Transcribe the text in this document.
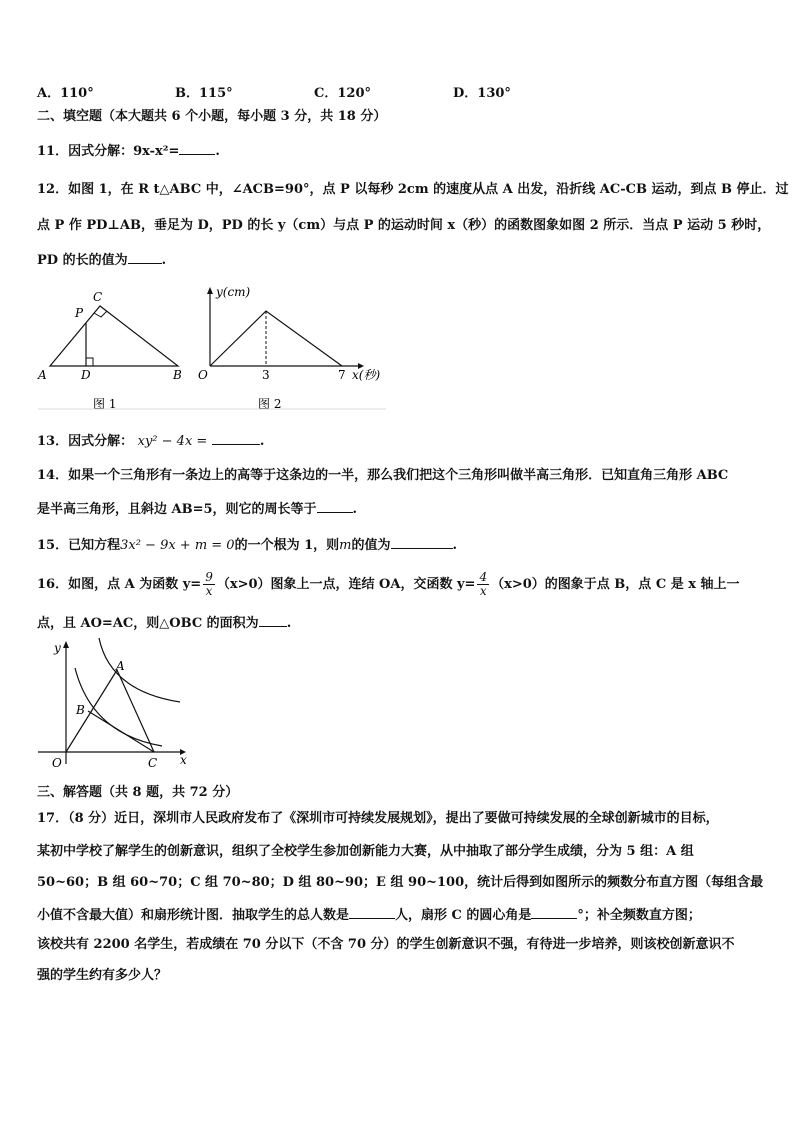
A．110°	B．115°	C．120°	D．130°
二、填空题（本大题共 6 个小题，每小题 3 分，共 18 分）
11．因式分解：9x-x²=	.
12．如图 1，在 R t△ABC 中，∠ACB=90°，点 P 以每秒 2cm 的速度从点 A 出发，沿折线 AC-CB 运动，到点 B 停止．过
点 P 作 PD⊥AB，垂足为 D，PD 的长 y（cm）与点 P 的运动时间 x（秒）的函数图象如图 2 所示．当点 P 运动 5 秒时，
PD 的长的值为	.
C
P
A	D	B
图 1
y(cm)
O	3	7 x(秒)
图 2
13．因式分解： xy² − 4x =	.
14．如果一个三角形有一条边上的高等于这条边的一半，那么我们把这个三角形叫做半高三角形．已知直角三角形 ABC
是半高三角形，且斜边 AB=5，则它的周长等于	.
15．已知方程3x² − 9x + m = 0的一个根为 1，则m的值为	.
16．如图，点 A 为函数 $y= \frac{9}{x} (x>0)$图象上一点，连结 OA，交函数 $y= \frac{4}{x} (x>0)$的图象于点 B，点 C 是 x 轴上一
点，且 AO=AC，则△OBC 的面积为 .
y
A
B
O	C x
三、解答题（共 8 题，共 72 分）
17．（8 分）近日，深圳市人民政府发布了《深圳市可持续发展规划》，提出了要做可持续发展的全球创新城市的目标，
某初中学校了解学生的创新意识，组织了全校学生参加创新能力大赛，从中抽取了部分学生成绩，分为 5 组：A 组
50~60；B 组 60~70；C 组 70~80；D 组 80~90；E 组 90~100，统计后得到如图所示的频数分布直方图（每组含最
小值不含最大值）和扇形统计图．抽取学生的总人数是	人，扇形 C 的圆心角是	°；补全频数直方图；
该校共有 2200 名学生，若成绩在 70 分以下（不含 70 分）的学生创新意识不强，有待进一步培养，则该校创新意识不
强的学生约有多少人？
